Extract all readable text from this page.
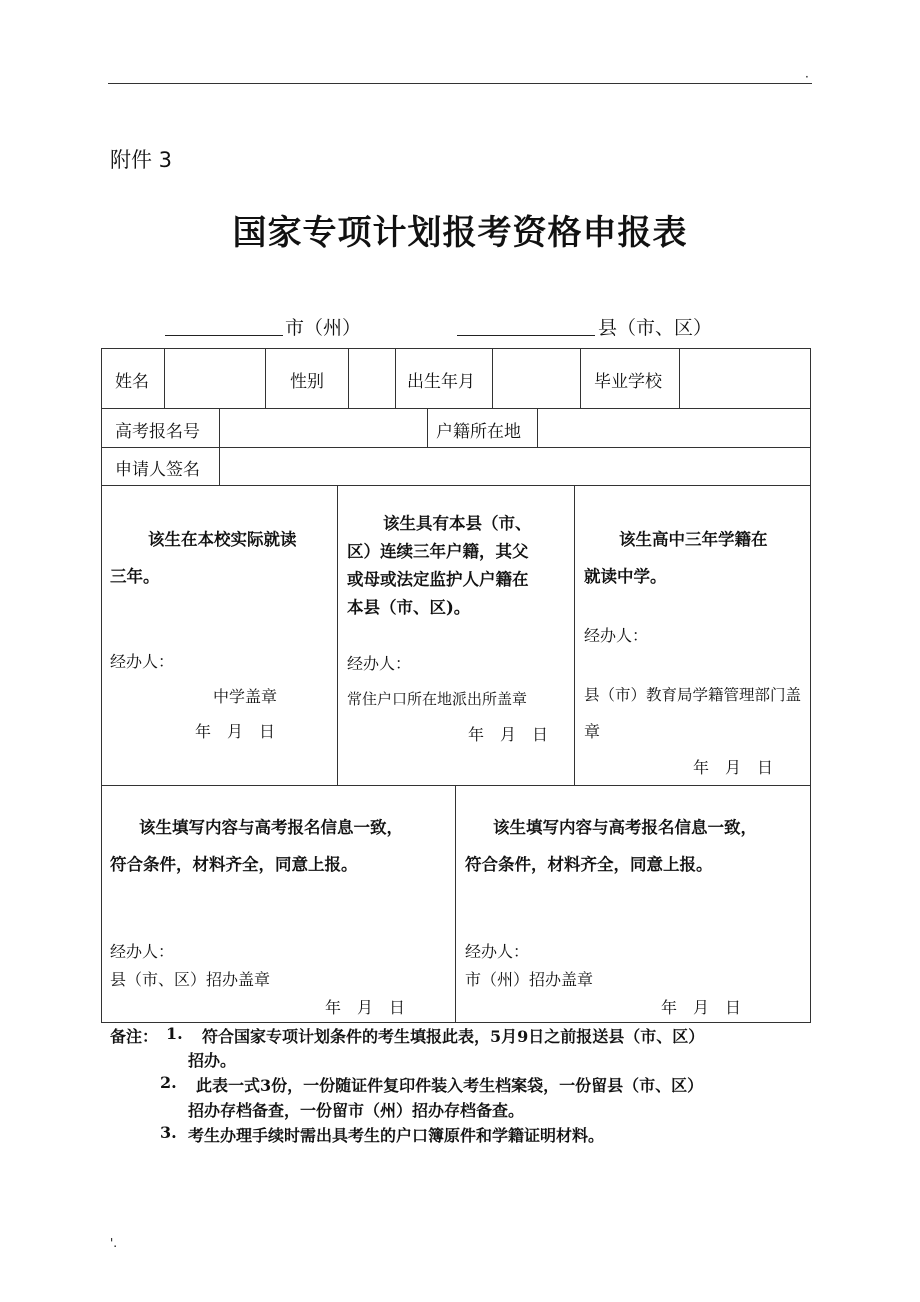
·
'.
附件 3
国家专项计划报考资格申报表
市（州）	县（市、区）
姓名	性别	出生年月	毕业学校
高考报名号	户籍所在地
申请人签名
该生在本校实际就读
三年。
经办人：
中学盖章
年　月　日
该生具有本县（市、
区）连续三年户籍，其父
或母或法定监护人户籍在
本县（市、区)。
经办人：
常住户口所在地派出所盖章
年　月　日
该生高中三年学籍在
就读中学。
经办人：
县（市）教育局学籍管理部门盖
章
年　月　日
该生填写内容与高考报名信息一致，
符合条件，材料齐全，同意上报。
经办人：
县（市、区）招办盖章
年　月　日
该生填写内容与高考报名信息一致，
符合条件，材料齐全，同意上报。
经办人：
市（州）招办盖章
年　月　日
备注： 1. 符合国家专项计划条件的考生填报此表，5月9日之前报送县（市、区）
招办。
2. 此表一式3份，一份随证件复印件装入考生档案袋，一份留县（市、区）
招办存档备查，一份留市（州）招办存档备查。
3. 考生办理手续时需出具考生的户口簿原件和学籍证明材料。
